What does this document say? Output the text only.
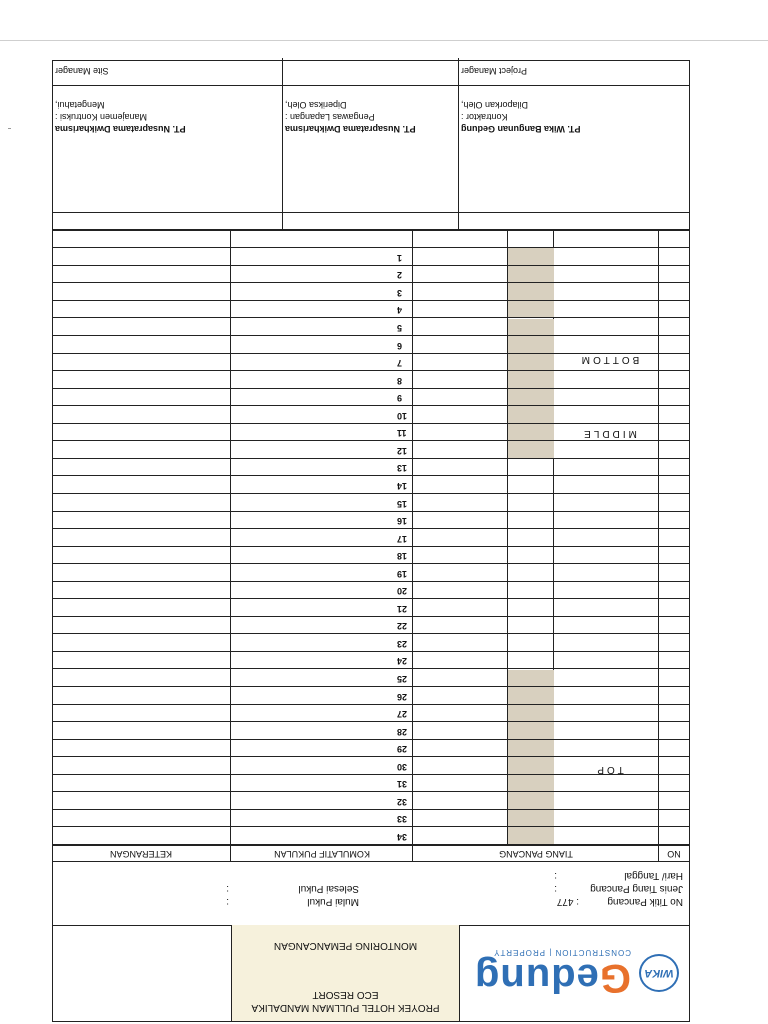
WIKA
Gedung
CONSTRUCTION | PROPERTY
PROYEK HOTEL PULLMAN MANDALIKA
ECO RESORT
MONTORING PEMANCANGAN
No Titik Pancang
: 477
Jenis Tiang Pancang
:
Hari/ Tanggal
:
Mulai Pukul
:
Selesai Pukul
:
NO
TIANG PANCANG
KOMULATIF PUKULAN
KETERANGAN
TOP
MIDDLE
BOTTOM
34
33
32
31
30
29
28
27
26
25
24
23
22
21
20
19
18
17
16
15
14
13
12
11
10
9
8
7
6
5
4
3
2
1
Mengetahui,
Manajemen Kontruksi :
PT. Nusapratama Dwikharisma
Site Manager
Diperiksa Oleh,
Pengawas Lapangan :
PT. Nusapratama Dwikharisma
Dilaporkan Oleh,
Kontraktor :
PT. Wika Bangunan Gedung
Project Manager
